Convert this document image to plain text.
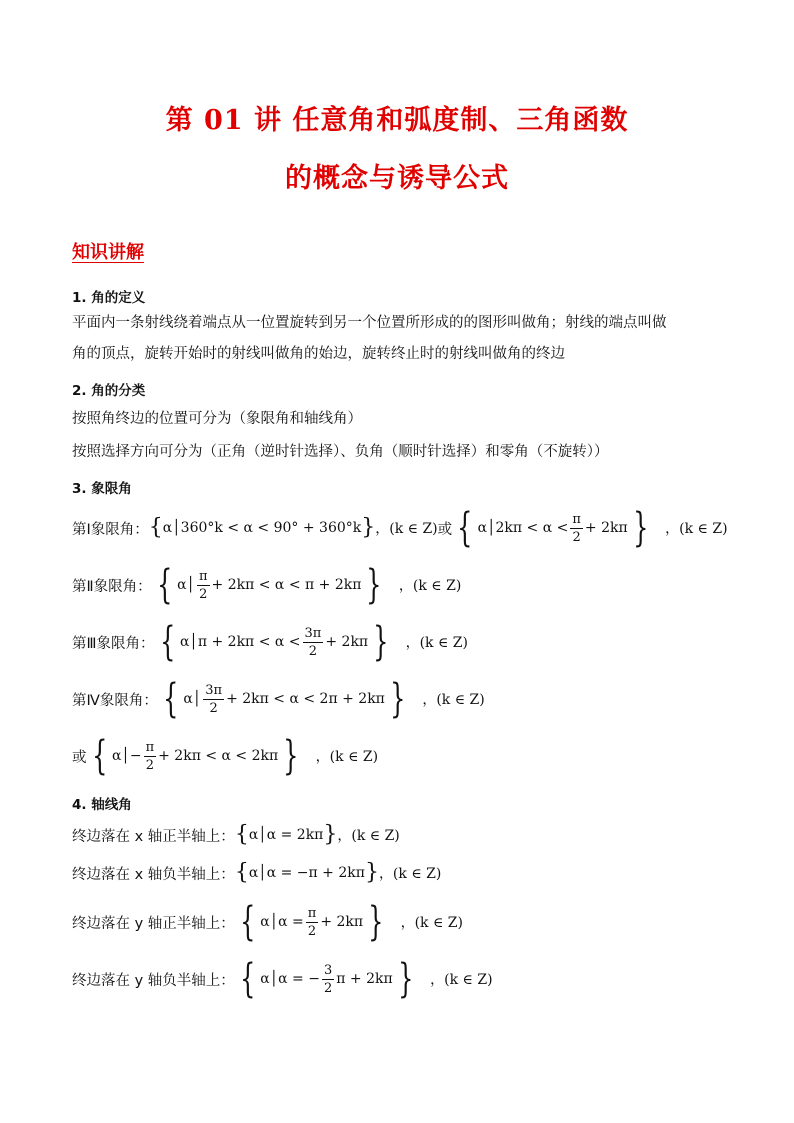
第 01 讲 任意角和弧度制、三角函数
的概念与诱导公式
知识讲解
1. 角的定义
平面内一条射线绕着端点从一位置旋转到另一个位置所形成的的图形叫做角；射线的端点叫做
角的顶点，旋转开始时的射线叫做角的始边，旋转终止时的射线叫做角的终边
2. 角的分类
按照角终边的位置可分为（象限角和轴线角）
按照选择方向可分为（正角（逆时针选择）、负角（顺时针选择）和零角（不旋转））
3. 象限角
第Ⅰ象限角： { α│360°k < α < 90° + 360°k } ，(k ∈ Z) 或 { α│2kπ < $\alpha < \frac{\pi}{2} + 2k\pi$ } ，(k ∈ Z)
第Ⅱ象限角： { α│ $\frac{\pi}{2} + 2k\pi < \alpha < \pi + 2k\pi$ } ，(k ∈ Z)
第Ⅲ象限角： { α│π + $2k\pi < \alpha < \frac{3\pi}{2} + 2k\pi$ } ，(k ∈ Z)
第Ⅳ象限角： { α│ $\frac{3\pi}{2} + 2k\pi < \alpha < 2\pi + 2k\pi$ } ，(k ∈ Z)
或 { α│− $\frac{\pi}{2} + 2k\pi < \alpha < 2k\pi$ } ，(k ∈ Z)
4. 轴线角
终边落在 x 轴正半轴上： { α│α = 2kπ } ，(k ∈ Z)
终边落在 x 轴负半轴上： { α│α = −π + 2kπ } ，(k ∈ Z)
终边落在 y 轴正半轴上： { α│α = $\frac{\pi}{2} + 2k\pi$ } ，(k ∈ Z)
终边落在 y 轴负半轴上： { α│α = − $\frac{3}{2}$ π + 2kπ } ，(k ∈ Z)
